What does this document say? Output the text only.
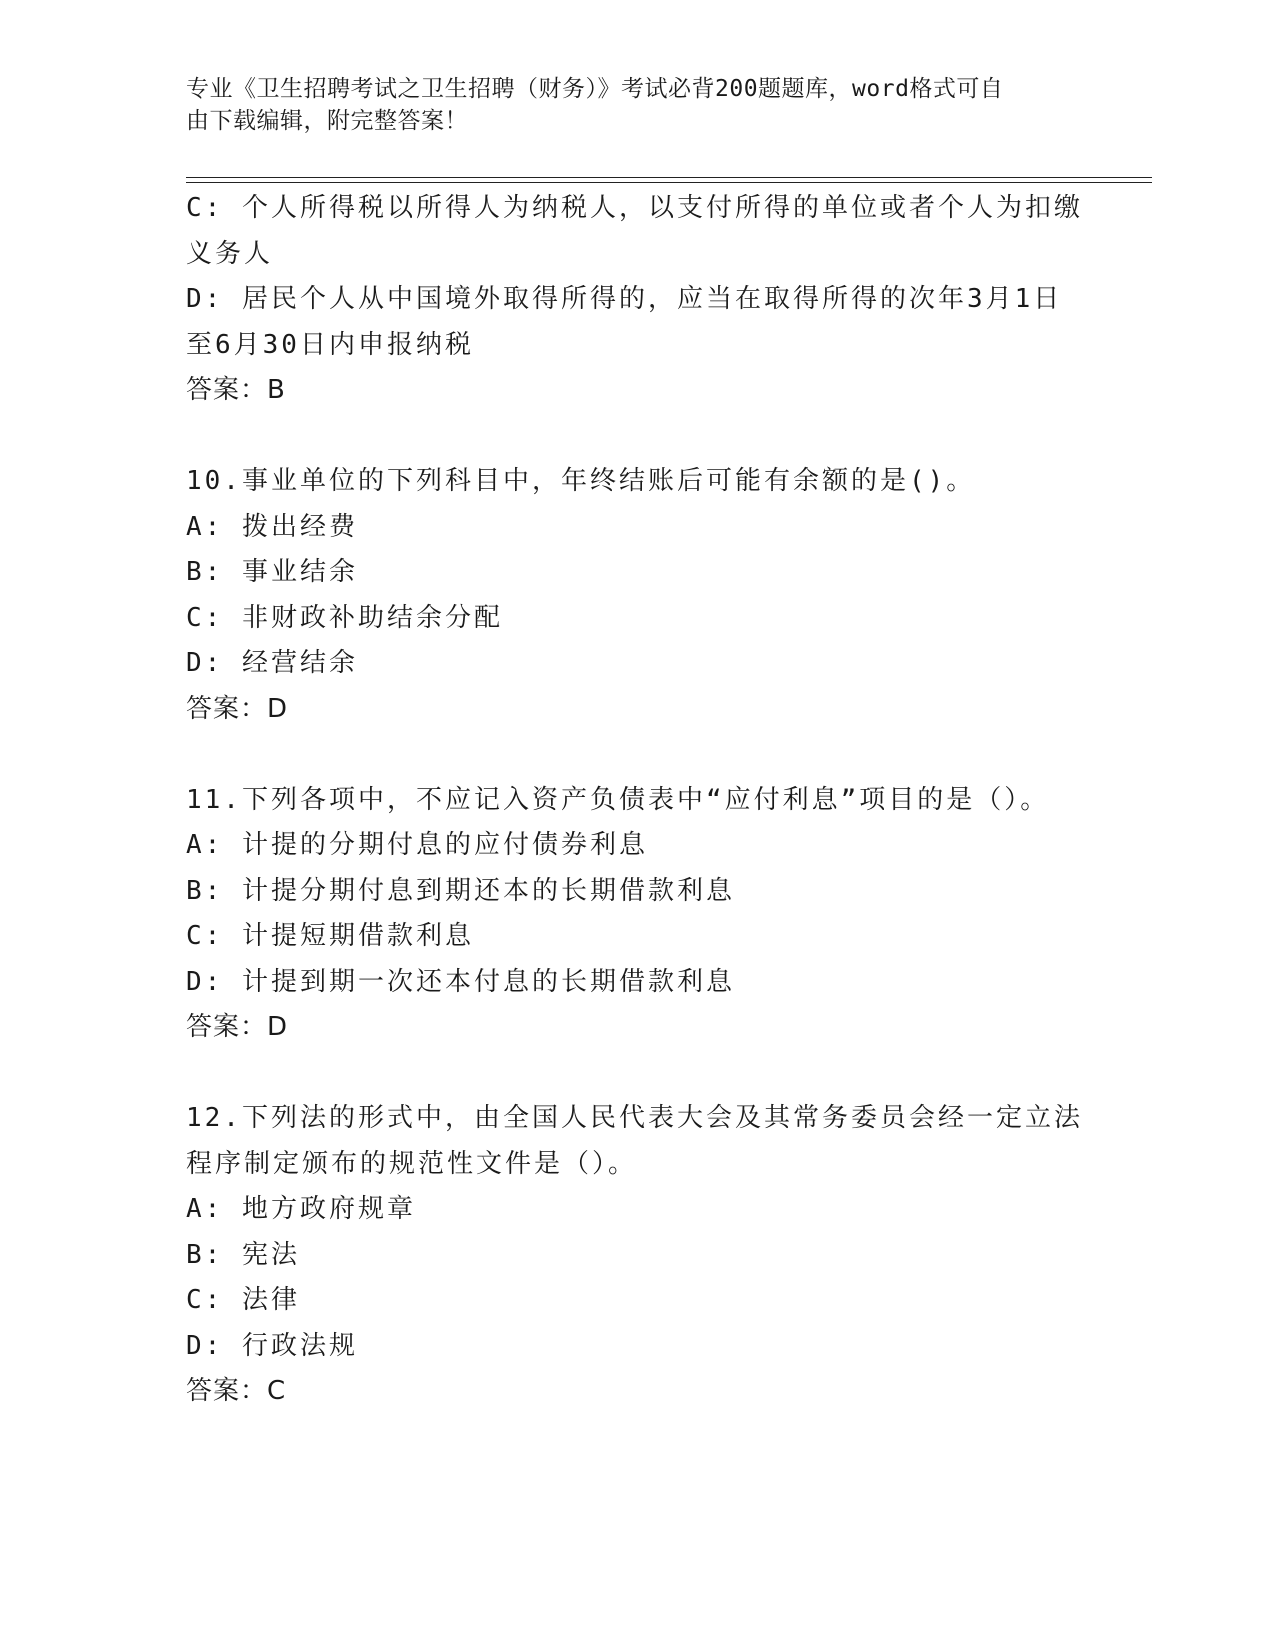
专业《卫生招聘考试之卫生招聘（财务）》考试必背200题题库，word格式可自
由下载编辑，附完整答案！

C: 个人所得税以所得人为纳税人，以支付所得的单位或者个人为扣缴

义务人

D: 居民个人从中国境外取得所得的，应当在取得所得的次年3月1日

至6月30日内申报纳税

答案：B

10.事业单位的下列科目中，年终结账后可能有余额的是()。

A: 拨出经费

B: 事业结余

C: 非财政补助结余分配

D: 经营结余

答案：D

11.下列各项中，不应记入资产负债表中“应付利息”项目的是（）。

A: 计提的分期付息的应付债券利息

B: 计提分期付息到期还本的长期借款利息

C: 计提短期借款利息

D: 计提到期一次还本付息的长期借款利息

答案：D

12.下列法的形式中，由全国人民代表大会及其常务委员会经一定立法

程序制定颁布的规范性文件是（）。

A: 地方政府规章

B: 宪法

C: 法律

D: 行政法规

答案：C
